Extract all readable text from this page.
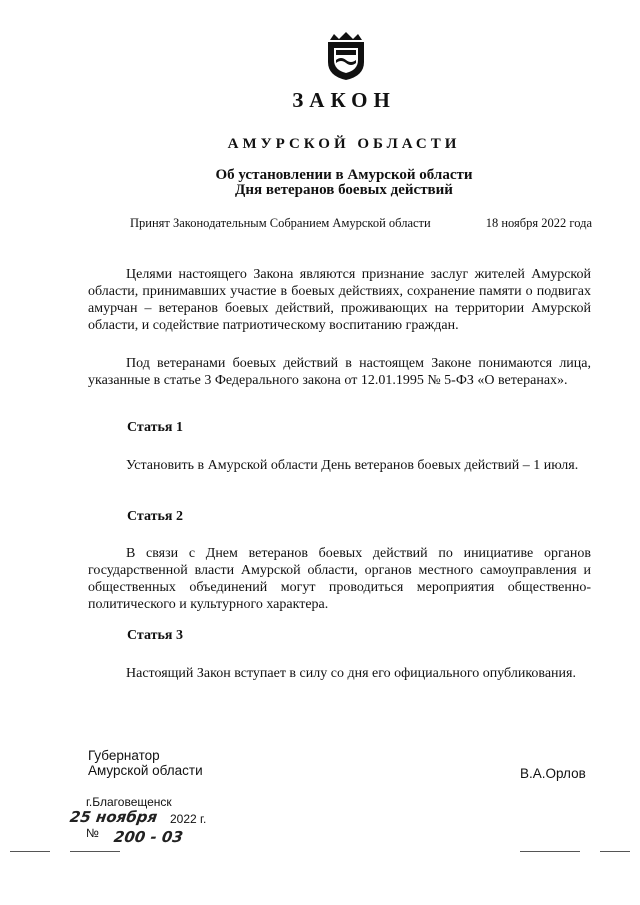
ЗАКОН
АМУРСКОЙ ОБЛАСТИ
Об установлении в Амурской области
Дня ветеранов боевых действий
Принят Законодательным Собранием Амурской области	18 ноября 2022 года
Целями настоящего Закона являются признание заслуг жителей Амурской области, принимавших участие в боевых действиях, сохранение памяти о подвигах амурчан – ветеранов боевых действий, проживающих на территории Амурской области, и содействие патриотическому воспитанию граждан.
Под ветеранами боевых действий в настоящем Законе понимаются лица, указанные в статье 3 Федерального закона от 12.01.1995 № 5-ФЗ «О ветеранах».
Статья 1
Установить в Амурской области День ветеранов боевых действий – 1 июля.
Статья 2
В связи с Днем ветеранов боевых действий по инициативе органов государственной власти Амурской области, органов местного самоуправления и общественных объединений могут проводиться мероприятия общественно-политического и культурного характера.
Статья 3
Настоящий Закон вступает в силу со дня его официального опубликования.
Губернатор
Амурской области	В.А.Орлов
г.Благовещенск
25 ноября 2022 г.
№ 200 - 03
